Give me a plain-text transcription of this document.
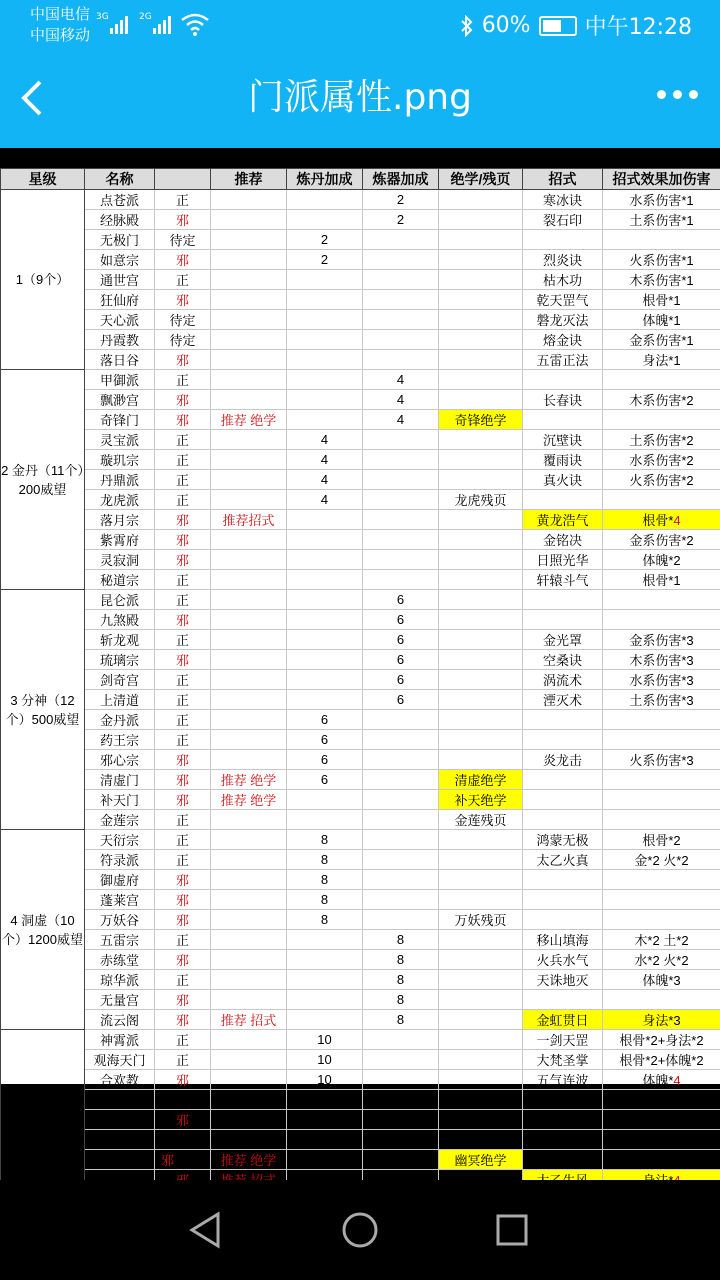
中国电信
中国移动
3G	2G	60% 中午12:28
门派属性.png
星级	名称		推荐	炼丹加成	炼器加成	绝学/残页	招式	招式效果加伤害
1（9个）	点苍派	正			2		寒冰诀	水系伤害*1
	经脉殿	邪			2		裂石印	土系伤害*1
	无极门	待定		2				
	如意宗	邪		2			烈炎诀	火系伤害*1
	通世宫	正					枯木功	木系伤害*1
	狂仙府	邪					乾天罡气	根骨*1
	天心派	待定					磐龙灭法	体魄*1
	丹霞教	待定					熔金诀	金系伤害*1
	落日谷	邪					五雷正法	身法*1
2 金丹（11个）200威望	甲御派	正			4			
	飘渺宫	邪			4		长春诀	木系伤害*2
	奇锋门	邪	推荐 绝学		4	奇锋绝学		
	灵宝派	正		4			沉壁诀	土系伤害*2
	璇玑宗	正		4			覆雨诀	水系伤害*2
	丹鼎派	正		4			真火诀	火系伤害*2
	龙虎派	正		4		龙虎残页		
	落月宗	邪	推荐招式				黄龙浩气	根骨*4
	紫霄府	邪					金铭决	金系伤害*2
	灵寂洞	邪					日照光华	体魄*2
	秘道宗	正					轩辕斗气	根骨*1
3 分神（12个）500威望	昆仑派	正			6			
	九煞殿	邪			6			
	斩龙观	正			6		金光罩	金系伤害*3
	琉璃宗	邪			6		空桑诀	木系伤害*3
	剑奇宫	正			6		涡流术	水系伤害*3
	上清道	正			6		湮灭术	土系伤害*3
	金丹派	正		6				
	药王宗	正		6				
	邪心宗	邪		6			炎龙击	火系伤害*3
	清虚门	邪	推荐 绝学	6		清虚绝学		
	补天门	邪	推荐 绝学			补天绝学		
	金莲宗	正				金莲残页		
4 洞虚（10个）1200威望	天衍宗	正		8			鸿蒙无极	根骨*2
	符录派	正		8			太乙火真	金*2 火*2
	御虚府	邪		8				
	蓬莱宫	邪		8				
	万妖谷	邪		8		万妖残页		
	五雷宗	正			8		移山填海	木*2 土*2
	赤练堂	邪			8		火兵水气	水*2 火*2
	琼华派	正			8		天诛地灭	体魄*3
	无量宫	邪			8			
	流云阁	邪	推荐 招式		8		金虹贯日	身法*3
5游仙（8个）1500威望	神霄派	正		10			一剑天罡	根骨*2+身法*2
	观海天门	正		10			大梵圣掌	根骨*2+体魄*2
	合欢教	邪		10			五气连波	体魄*4
	终南紫府	正		10			九转神功	根骨*3
	蜃冥都	邪		10		蜃冥残页		
	玄天剑宗	正			10		万相神功	根骨*2 真气*2
	幽冥教	邪 待定	推荐 绝学		10	幽冥绝学		
